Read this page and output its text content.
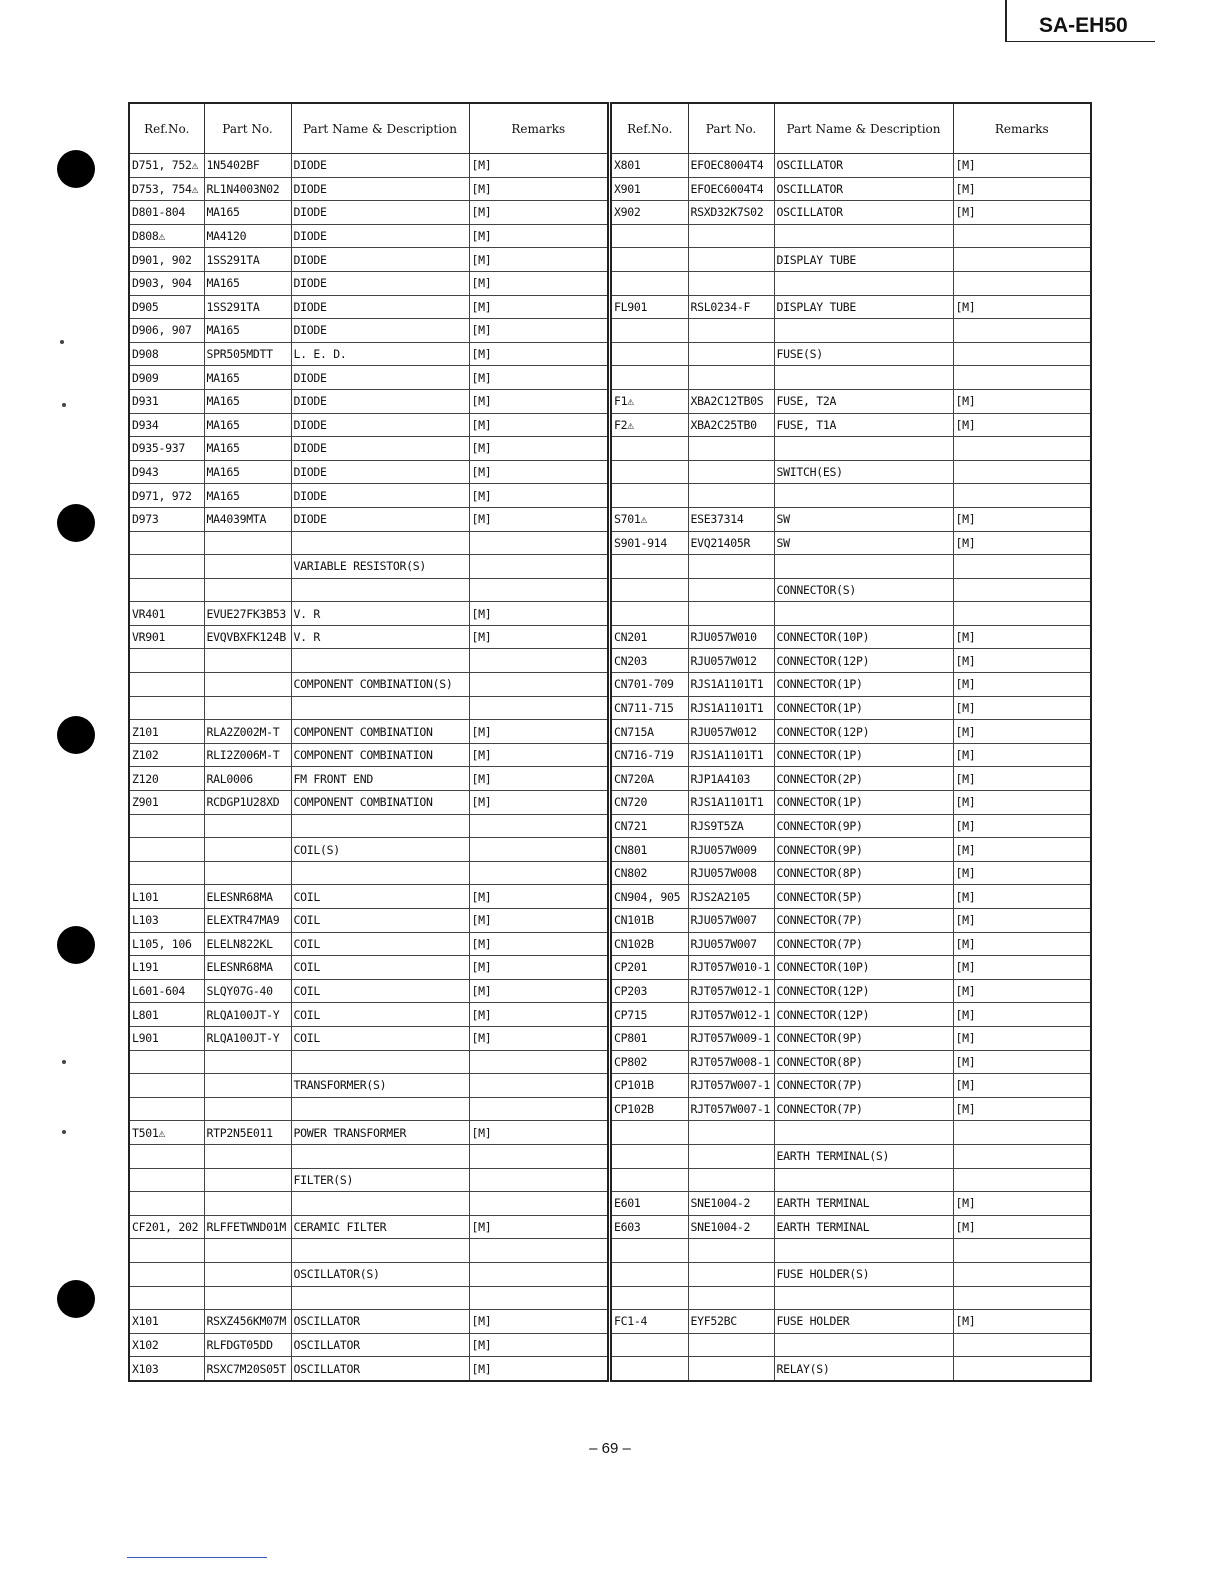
SA-EH50
Ref.No.	Part No.	Part Name & Description	Remarks
D751, 752⚠	1N5402BF	DIODE	[M]
D753, 754⚠	RL1N4003N02	DIODE	[M]
D801-804	MA165	DIODE	[M]
D808⚠	MA4120	DIODE	[M]
D901, 902	1SS291TA	DIODE	[M]
D903, 904	MA165	DIODE	[M]
D905	1SS291TA	DIODE	[M]
D906, 907	MA165	DIODE	[M]
D908	SPR505MDTT	L. E. D.	[M]
D909	MA165	DIODE	[M]
D931	MA165	DIODE	[M]
D934	MA165	DIODE	[M]
D935-937	MA165	DIODE	[M]
D943	MA165	DIODE	[M]
D971, 972	MA165	DIODE	[M]
D973	MA4039MTA	DIODE	[M]

		VARIABLE RESISTOR(S)	

VR401	EVUE27FK3B53	V. R	[M]
VR901	EVQVBXFK124B	V. R	[M]

		COMPONENT COMBINATION(S)	

Z101	RLA2Z002M-T	COMPONENT COMBINATION	[M]
Z102	RLI2Z006M-T	COMPONENT COMBINATION	[M]
Z120	RAL0006	FM FRONT END	[M]
Z901	RCDGP1U28XD	COMPONENT COMBINATION	[M]

		COIL(S)	

L101	ELESNR68MA	COIL	[M]
L103	ELEXTR47MA9	COIL	[M]
L105, 106	ELELN822KL	COIL	[M]
L191	ELESNR68MA	COIL	[M]
L601-604	SLQY07G-40	COIL	[M]
L801	RLQA100JT-Y	COIL	[M]
L901	RLQA100JT-Y	COIL	[M]

		TRANSFORMER(S)	

T501⚠	RTP2N5E011	POWER TRANSFORMER	[M]

		FILTER(S)	

CF201, 202	RLFFETWND01M	CERAMIC FILTER	[M]

		OSCILLATOR(S)	

X101	RSXZ456KM07M	OSCILLATOR	[M]
X102	RLFDGT05DD	OSCILLATOR	[M]
X103	RSXC7M20S05T	OSCILLATOR	[M]
Ref.No.	Part No.	Part Name & Description	Remarks
X801	EFOEC8004T4	OSCILLATOR	[M]
X901	EFOEC6004T4	OSCILLATOR	[M]
X902	RSXD32K7S02	OSCILLATOR	[M]

		DISPLAY TUBE	

FL901	RSL0234-F	DISPLAY TUBE	[M]

		FUSE(S)	

F1⚠	XBA2C12TB0S	FUSE, T2A	[M]
F2⚠	XBA2C25TB0	FUSE, T1A	[M]

		SWITCH(ES)	

S701⚠	ESE37314	SW	[M]
S901-914	EVQ21405R	SW	[M]

		CONNECTOR(S)	

CN201	RJU057W010	CONNECTOR(10P)	[M]
CN203	RJU057W012	CONNECTOR(12P)	[M]
CN701-709	RJS1A1101T1	CONNECTOR(1P)	[M]
CN711-715	RJS1A1101T1	CONNECTOR(1P)	[M]
CN715A	RJU057W012	CONNECTOR(12P)	[M]
CN716-719	RJS1A1101T1	CONNECTOR(1P)	[M]
CN720A	RJP1A4103	CONNECTOR(2P)	[M]
CN720	RJS1A1101T1	CONNECTOR(1P)	[M]
CN721	RJS9T5ZA	CONNECTOR(9P)	[M]
CN801	RJU057W009	CONNECTOR(9P)	[M]
CN802	RJU057W008	CONNECTOR(8P)	[M]
CN904, 905	RJS2A2105	CONNECTOR(5P)	[M]
CN101B	RJU057W007	CONNECTOR(7P)	[M]
CN102B	RJU057W007	CONNECTOR(7P)	[M]
CP201	RJT057W010-1	CONNECTOR(10P)	[M]
CP203	RJT057W012-1	CONNECTOR(12P)	[M]
CP715	RJT057W012-1	CONNECTOR(12P)	[M]
CP801	RJT057W009-1	CONNECTOR(9P)	[M]
CP802	RJT057W008-1	CONNECTOR(8P)	[M]
CP101B	RJT057W007-1	CONNECTOR(7P)	[M]
CP102B	RJT057W007-1	CONNECTOR(7P)	[M]

		EARTH TERMINAL(S)	

E601	SNE1004-2	EARTH TERMINAL	[M]
E603	SNE1004-2	EARTH TERMINAL	[M]

		FUSE HOLDER(S)	

FC1-4	EYF52BC	FUSE HOLDER	[M]

		RELAY(S)	
– 69 –
